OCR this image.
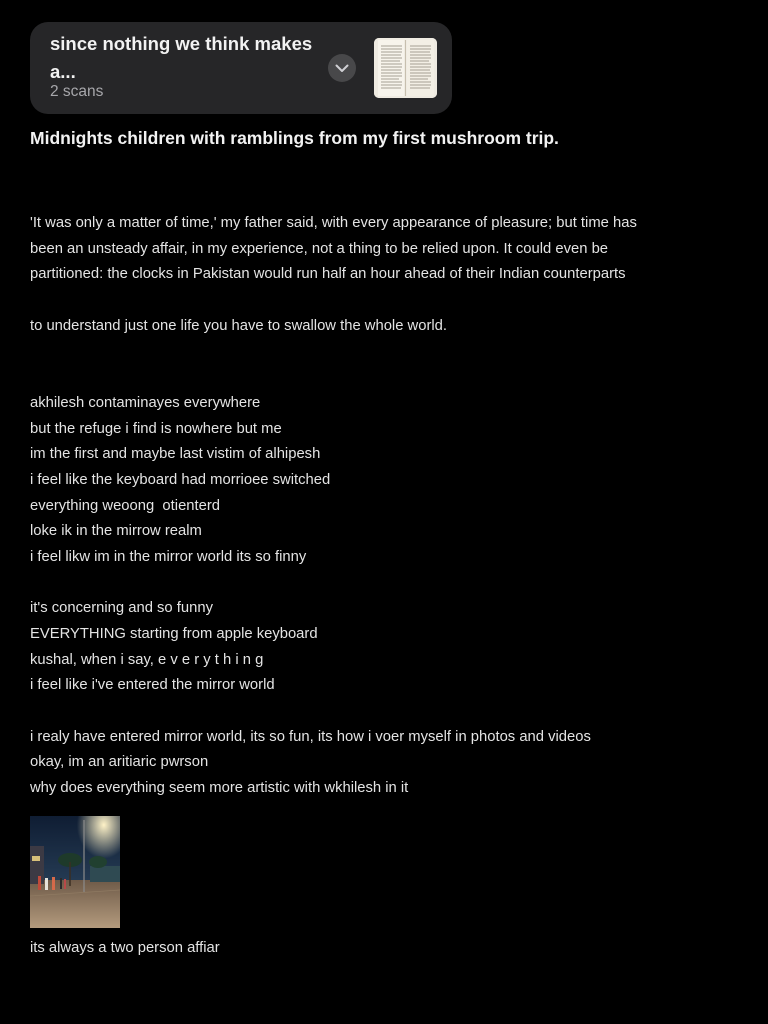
since nothing we think makes a...
2 scans
Midnights children with ramblings from my first mushroom trip.
'It was only a matter of time,' my father said, with every appearance of pleasure; but time has
been an unsteady affair, in my experience, not a thing to be relied upon. It could even be
partitioned: the clocks in Pakistan would run half an hour ahead of their Indian counterparts
to understand just one life you have to swallow the whole world.
akhilesh contaminayes everywhere
but the refuge i find is nowhere but me
im the first and maybe last vistim of alhipesh
i feel like the keyboard had morrioee switched
everything weoong  otienterd
loke ik in the mirrow realm
i feel likw im in the mirror world its so finny
it's concerning and so funny
EVERYTHING starting from apple keyboard
kushal, when i say, e v e r y t h i n g
i feel like i've entered the mirror world
i realy have entered mirror world, its so fun, its how i voer myself in photos and videos
okay, im an aritiaric pwrson
why does everything seem more artistic with wkhilesh in it
its always a two person affiar
